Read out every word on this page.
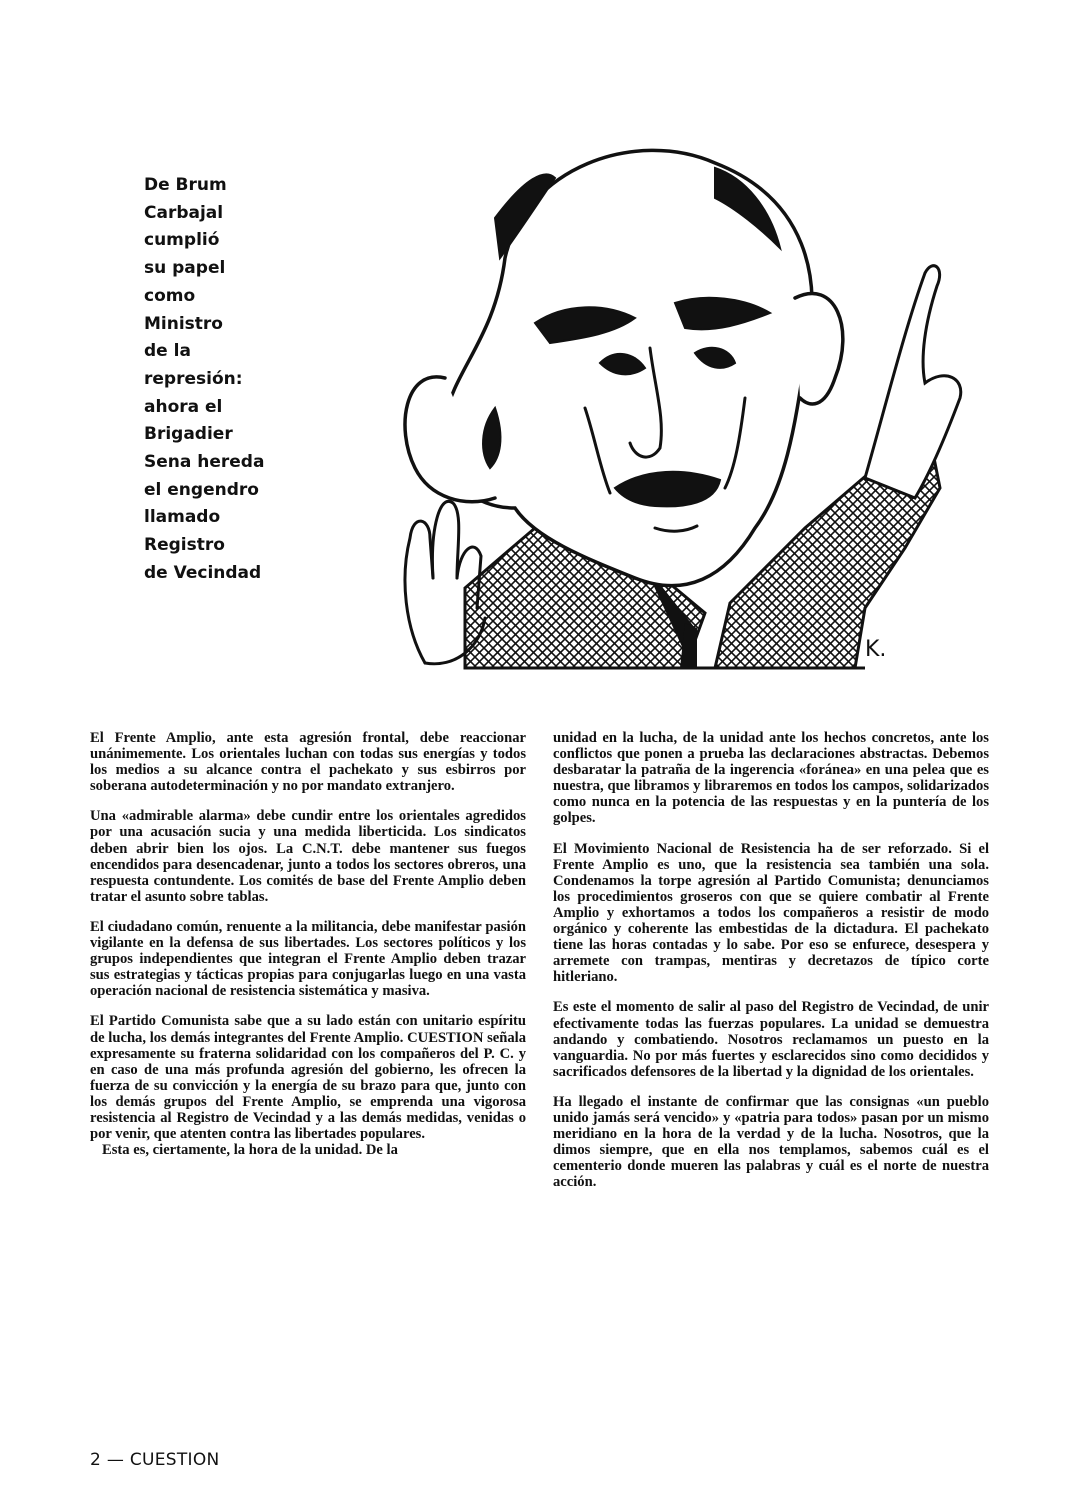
De Brum
Carbajal
cumplió
su papel
como
Ministro
de la
represión:
ahora el
Brigadier
Sena hereda
el engendro
llamado
Registro
de Vecindad
K.

El Frente Amplio, ante esta agresión frontal, debe reaccionar unánimemente. Los orientales luchan con todas sus energías y todos los medios a su alcance contra el pachekato y sus esbirros por soberana autodeterminación y no por mandato extranjero.

Una «admirable alarma» debe cundir entre los orientales agredidos por una acusación sucia y una medida liberticida. Los sindicatos deben abrir bien los ojos. La C.N.T. debe mantener sus fuegos encendidos para desencadenar, junto a todos los sectores obreros, una respuesta contundente. Los comités de base del Frente Amplio deben tratar el asunto sobre tablas.

El ciudadano común, renuente a la militancia, debe manifestar pasión vigilante en la defensa de sus libertades. Los sectores políticos y los grupos independientes que integran el Frente Amplio deben trazar sus estrategias y tácticas propias para conjugarlas luego en una vasta operación nacional de resistencia sistemática y masiva.

El Partido Comunista sabe que a su lado están con unitario espíritu de lucha, los demás integrantes del Frente Amplio. CUESTION señala expresamente su fraterna solidaridad con los compañeros del P. C. y en caso de una más profunda agresión del gobierno, les ofrecen la fuerza de su convicción y la energía de su brazo para que, junto con los demás grupos del Frente Amplio, se emprenda una vigorosa resistencia al Registro de Vecindad y a las demás medidas, venidas o por venir, que atenten contra las libertades populares.

Esta es, ciertamente, la hora de la unidad. De la

unidad en la lucha, de la unidad ante los hechos concretos, ante los conflictos que ponen a prueba las declaraciones abstractas. Debemos desbaratar la patraña de la ingerencia «foránea» en una pelea que es nuestra, que libramos y libraremos en todos los campos, solidarizados como nunca en la potencia de las respuestas y en la puntería de los golpes.

El Movimiento Nacional de Resistencia ha de ser reforzado. Si el Frente Amplio es uno, que la resistencia sea también una sola. Condenamos la torpe agresión al Partido Comunista; denunciamos los procedimientos groseros con que se quiere combatir al Frente Amplio y exhortamos a todos los compañeros a resistir de modo orgánico y coherente las embestidas de la dictadura. El pachekato tiene las horas contadas y lo sabe. Por eso se enfurece, desespera y arremete con trampas, mentiras y decretazos de típico corte hitleriano.

Es este el momento de salir al paso del Registro de Vecindad, de unir efectivamente todas las fuerzas populares. La unidad se demuestra andando y combatiendo. Nosotros reclamamos un puesto en la vanguardia. No por más fuertes y esclarecidos sino como decididos y sacrificados defensores de la libertad y la dignidad de los orientales.

Ha llegado el instante de confirmar que las consignas «un pueblo unido jamás será vencido» y «patria para todos» pasan por un mismo meridiano en la hora de la verdad y de la lucha. Nosotros, que la dimos siempre, que en ella nos templamos, sabemos cuál es el cementerio donde mueren las palabras y cuál es el norte de nuestra acción.

2 — CUESTION
